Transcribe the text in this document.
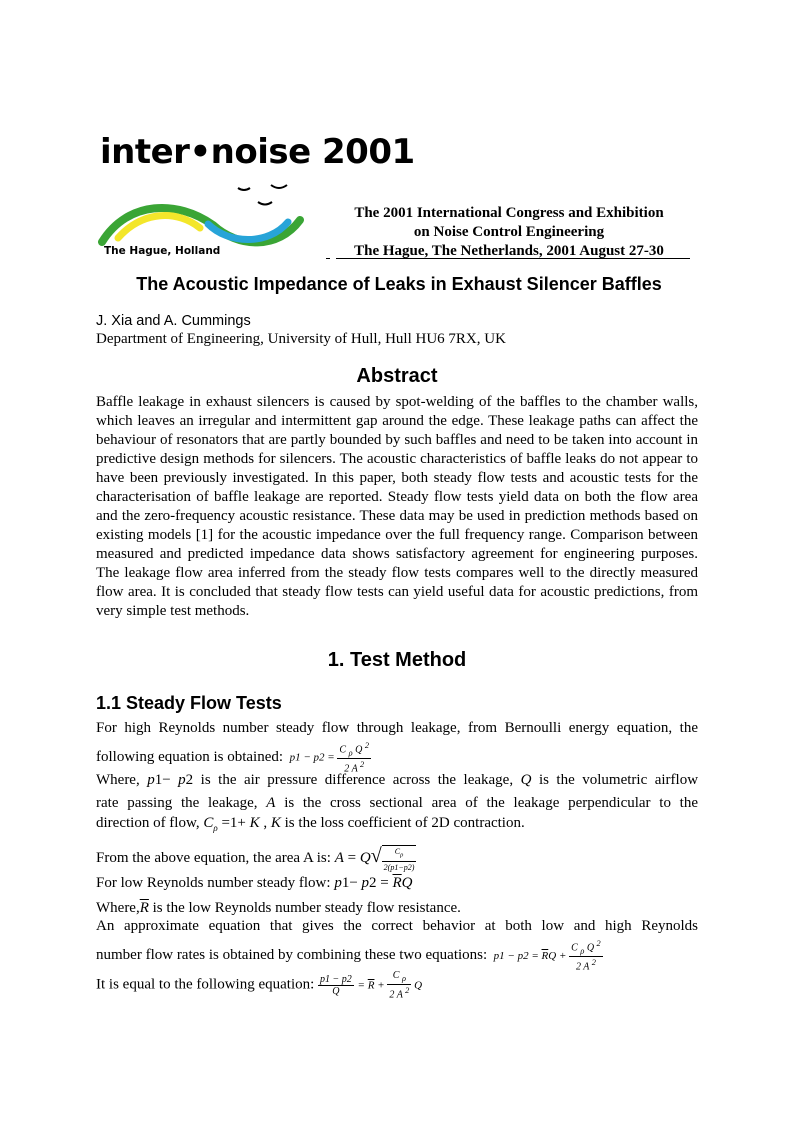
inter•noise 2001
The Hague, Holland
The 2001 International Congress and Exhibition
on Noise Control Engineering
The Hague, The Netherlands, 2001 August 27-30
The Acoustic Impedance of Leaks in Exhaust Silencer Baffles
J. Xia and A. Cummings
Department of Engineering, University of Hull, Hull HU6 7RX, UK
Abstract

Baffle leakage in exhaust silencers is caused by spot-welding of the baffles to the chamber walls, which leaves an irregular and intermittent gap around the edge. These leakage paths can affect the behaviour of resonators that are partly bounded by such baffles and need to be taken into account in predictive design methods for silencers. The acoustic characteristics of baffle leaks do not appear to have been previously investigated. In this paper, both steady flow tests and acoustic tests for the characterisation of baffle leakage are reported. Steady flow tests yield data on both the flow area and the zero-frequency acoustic resistance. These data may be used in prediction methods based on existing models [1] for the acoustic impedance over the full frequency range. Comparison between measured and predicted impedance data shows satisfactory agreement for engineering purposes. The leakage flow area inferred from the steady flow tests compares well to the directly measured flow area. It is concluded that steady flow tests can yield useful data for acoustic predictions, from very simple test methods.

1. Test Method
1.1 Steady Flow Tests
For high Reynolds number steady flow through leakage, from Bernoulli energy equation, the
following equation is obtained:  $p1 - p2 = \frac{C _\rho Q ^2}{2 A ^2}$
Where, p1− p2 is the air pressure difference across the leakage, Q is the volumetric airflow
rate passing the leakage, A is the cross sectional area of the leakage perpendicular to the
direction of flow, $C_\rho =1+ K$ , K is the loss coefficient of 2D contraction.
From the above equation, the area A is: $A = Q√ \frac{C_\rho}{2(p1-p2)}$
For low Reynolds number steady flow: $p1- p2 = \overline{R}Q$
$Where,\overline{R}$ is the low Reynolds number steady flow resistance.
An approximate equation that gives the correct behavior at both low and high Reynolds
number flow rates is obtained by combining these two equations:  $p1 - p2 = \overline{R}Q + \frac{C _\rho Q ^2}{2 A ^2}$
It is equal to the following equation: $\frac{p1 - p2}{Q} = \overline{R} + \frac{C _\rho}{2 A ^2}$ Q
